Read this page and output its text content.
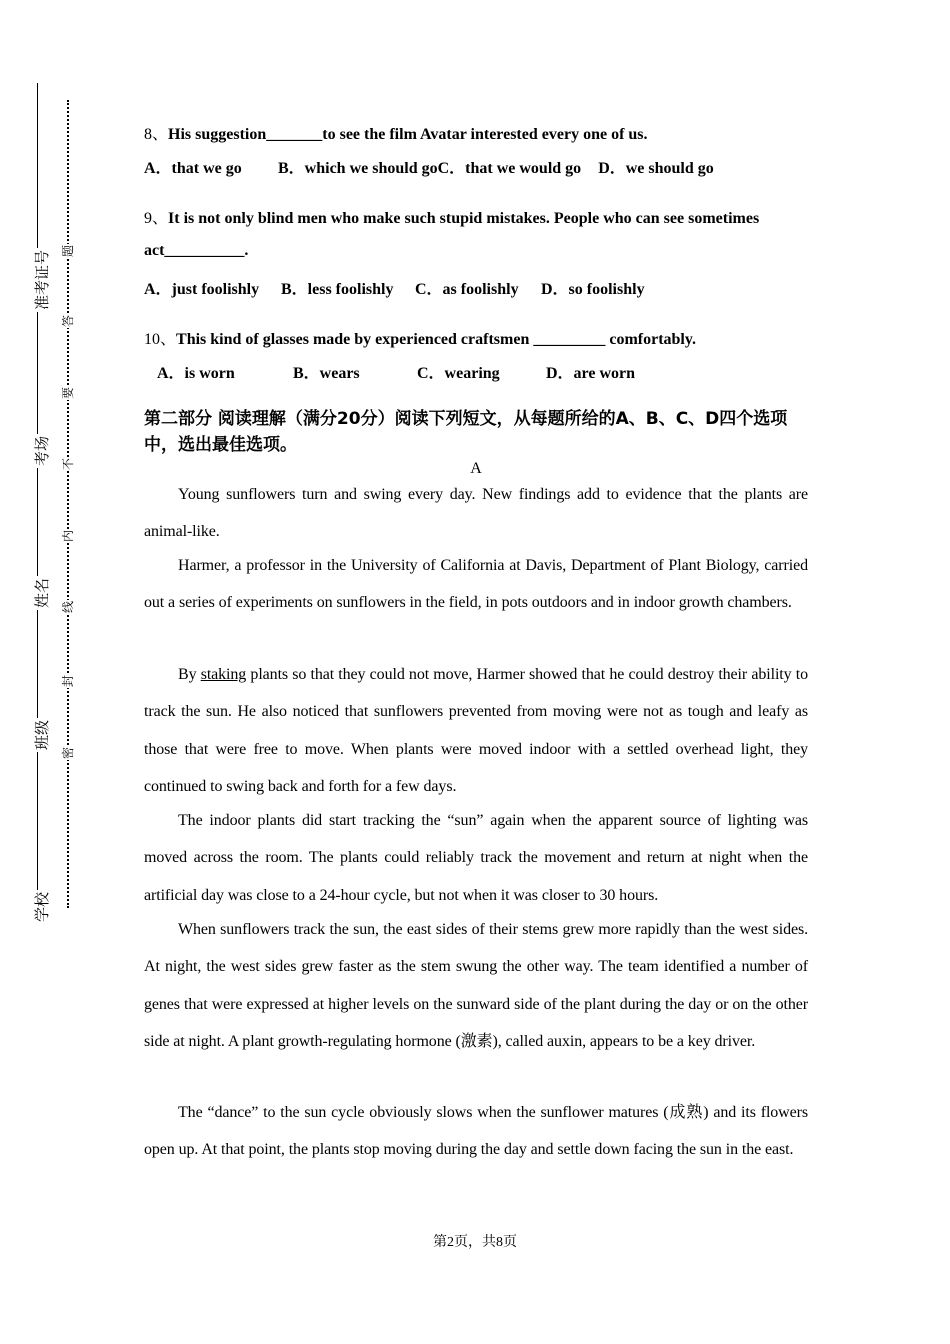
准考证号
考场
姓名
班级
学校
题
答
要
不
内
线
封
密
8、His suggestion_______to see the film Avatar interested every one of us.
A．that we go B．which we should goC．that we would go D．we should go
9、It is not only blind men who make such stupid mistakes. People who can see sometimes
act__________.
A．just foolishly B．less foolishly C．as foolishly D．so foolishly
10、This kind of glasses made by experienced craftsmen _________ comfortably.
A．is worn	B．wears	C．wearing	D．are worn
第二部分 阅读理解（满分20分）阅读下列短文，从每题所给的A、B、C、D四个选项中，选出最佳选项。
A
Young sunflowers turn and swing every day. New findings add to evidence that the plants are animal-like.
Harmer, a professor in the University of California at Davis, Department of Plant Biology, carried out a series of experiments on sunflowers in the field, in pots outdoors and in indoor growth chambers.
By staking plants so that they could not move, Harmer showed that he could destroy their ability to track the sun. He also noticed that sunflowers prevented from moving were not as tough and leafy as those that were free to move. When plants were moved indoor with a settled overhead light, they continued to swing back and forth for a few days.
The indoor plants did start tracking the “sun” again when the apparent source of lighting was moved across the room. The plants could reliably track the movement and return at night when the artificial day was close to a 24-hour cycle, but not when it was closer to 30 hours.
When sunflowers track the sun, the east sides of their stems grew more rapidly than the west sides. At night, the west sides grew faster as the stem swung the other way. The team identified a number of genes that were expressed at higher levels on the sunward side of the plant during the day or on the other side at night. A plant growth-regulating hormone (激素), called auxin, appears to be a key driver.
The “dance” to the sun cycle obviously slows when the sunflower matures (成熟) and its flowers open up. At that point, the plants stop moving during the day and settle down facing the sun in the east.
第2页，共8页
